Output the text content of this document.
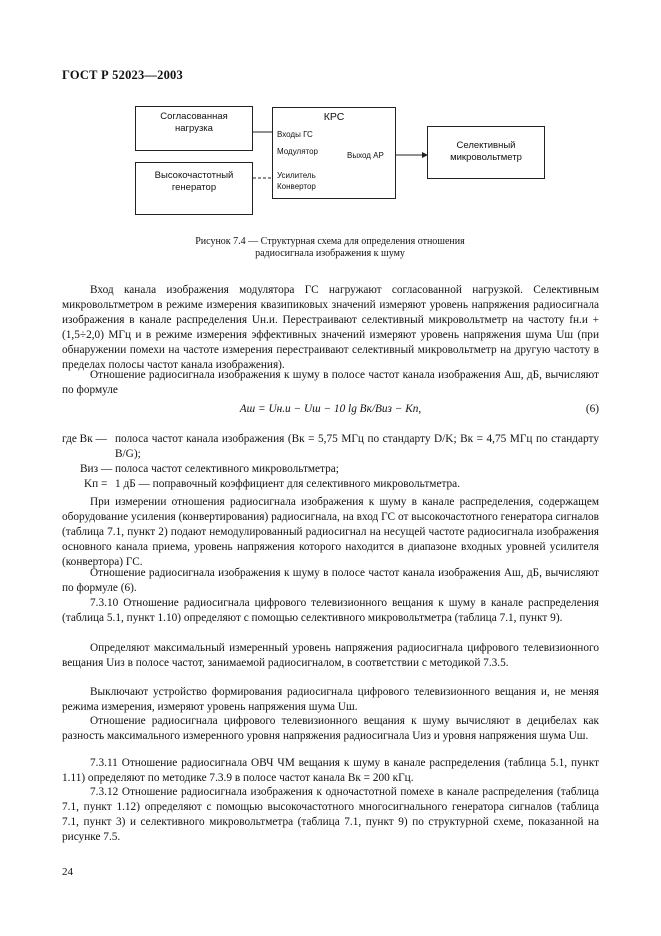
ГОСТ Р 52023—2003
Согласованная нагрузка
Высокочастотный генератор
КРС
Входы ГС
Модулятор	Выход АР
Усилитель
Конвертор
Селективный микровольтметр
Рисунок 7.4 — Структурная схема для определения отношения
радиосигнала изображения к шуму
Вход канала изображения модулятора ГС нагружают согласованной нагрузкой. Селективным микровольтметром в режиме измерения квазипиковых значений измеряют уровень напряжения радиосигнала изображения в канале распределения Uн.и. Перестраивают селективный микровольтметр на частоту fн.и + (1,5÷2,0) МГц и в режиме измерения эффективных значений измеряют уровень напряжения шума Uш (при обнаружении помехи на частоте измерения перестраивают селективный микровольтметр на другую частоту в пределах полосы частот канала изображения).
Отношение радиосигнала изображения к шуму в полосе частот канала изображения Aш, дБ, вычисляют по формуле
Aш = Uн.и − Uш − 10 lg Bк/Bиз − Kп,	(6)
где Bк — полоса частот канала изображения (Bк = 5,75 МГц по стандарту D/K; Bк = 4,75 МГц по стандарту B/G);
Bиз — полоса частот селективного микровольтметра;
Kп = 1 дБ — поправочный коэффициент для селективного микровольтметра.
При измерении отношения радиосигнала изображения к шуму в канале распределения, содержащем оборудование усиления (конвертирования) радиосигнала, на вход ГС от высокочастотного генератора сигналов (таблица 7.1, пункт 2) подают немодулированный радиосигнал на несущей частоте радиосигнала изображения основного канала приема, уровень напряжения которого находится в диапазоне входных уровней усилителя (конвертора) ГС.
Отношение радиосигнала изображения к шуму в полосе частот канала изображения Aш, дБ, вычисляют по формуле (6).
7.3.10 Отношение радиосигнала цифрового телевизионного вещания к шуму в канале распределения (таблица 5.1, пункт 1.10) определяют с помощью селективного микровольтметра (таблица 7.1, пункт 9).
Определяют максимальный измеренный уровень напряжения радиосигнала цифрового телевизионного вещания Uиз в полосе частот, занимаемой радиосигналом, в соответствии с методикой 7.3.5.
Выключают устройство формирования радиосигнала цифрового телевизионного вещания и, не меняя режима измерения, измеряют уровень напряжения шума Uш.
Отношение радиосигнала цифрового телевизионного вещания к шуму вычисляют в децибелах как разность максимального измеренного уровня напряжения радиосигнала Uиз и уровня напряжения шума Uш.
7.3.11 Отношение радиосигнала ОВЧ ЧМ вещания к шуму в канале распределения (таблица 5.1, пункт 1.11) определяют по методике 7.3.9 в полосе частот канала Bк = 200 кГц.
7.3.12 Отношение радиосигнала изображения к одночастотной помехе в канале распределения (таблица 7.1, пункт 1.12) определяют с помощью высокочастотного многосигнального генератора сигналов (таблица 7.1, пункт 3) и селективного микровольтметра (таблица 7.1, пункт 9) по структурной схеме, показанной на рисунке 7.5.
24
